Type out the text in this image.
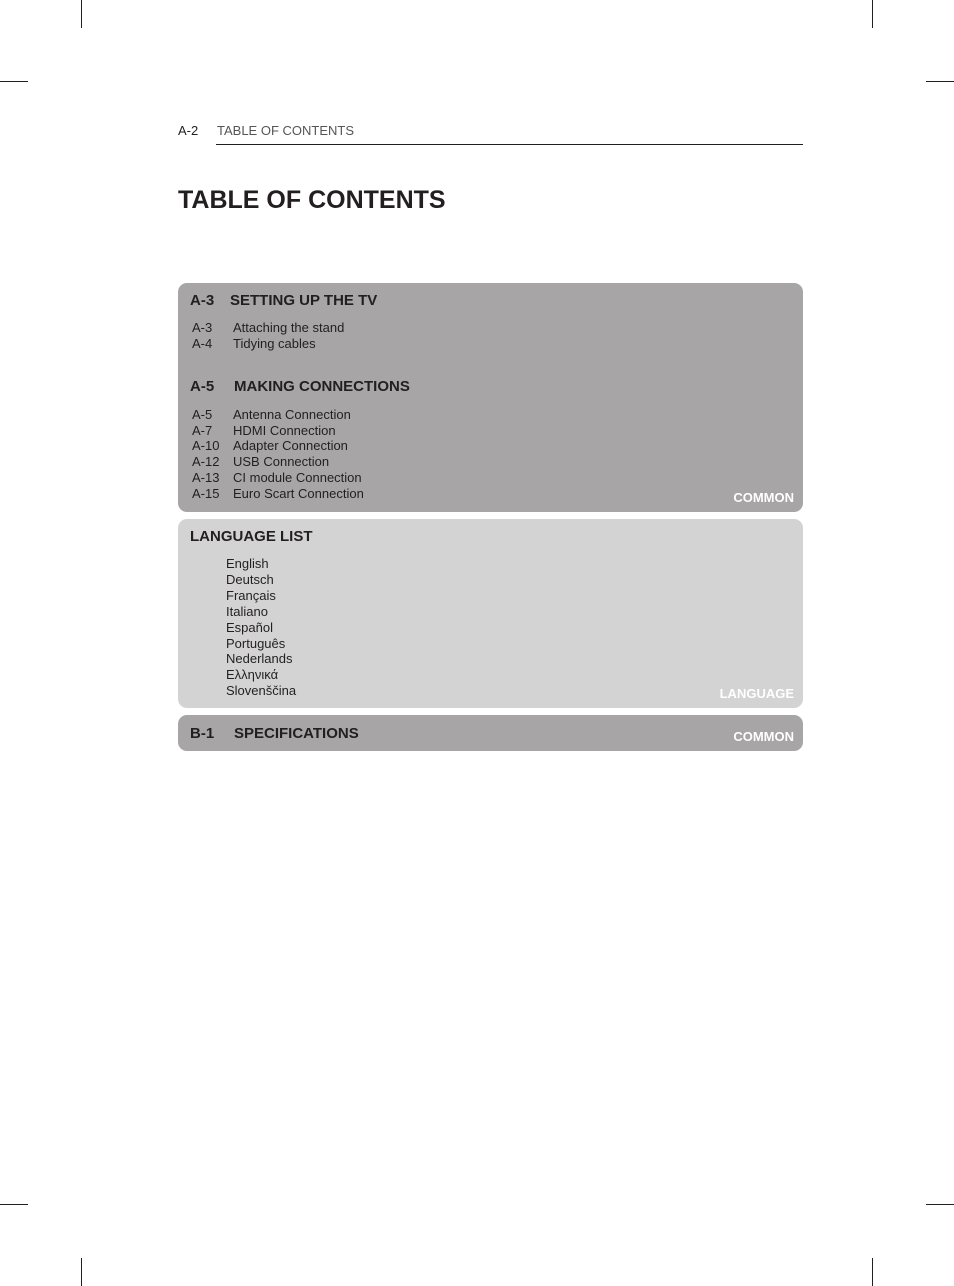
A-2 TABLE OF CONTENTS
TABLE OF CONTENTS
A-3 SETTING UP THE TV
A-3 Attaching the stand
A-4 Tidying cables
A-5 MAKING CONNECTIONS
A-5 Antenna Connection
A-7 HDMI Connection
A-10 Adapter Connection
A-12 USB Connection
A-13 CI module Connection
A-15 Euro Scart Connection	COMMON
LANGUAGE LIST
English
Deutsch
Français
Italiano
Español
Português
Nederlands
Ελληνικά
Slovenščina	LANGUAGE
B-1 SPECIFICATIONS	COMMON
